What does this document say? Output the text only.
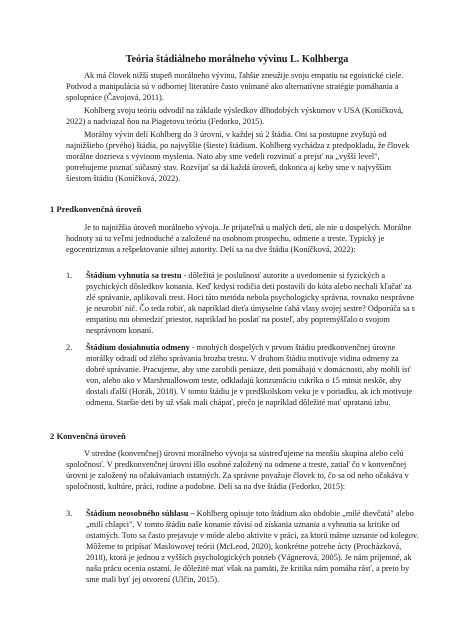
Teória štádiálneho morálneho vývinu L. Kolhberga
Ak má človek nižší stupeň morálneho vývinu, ľahšie zneužije svoju empatiu na egoistické ciele. Podvod a manipulácia sú v odbornej literatúre často vnímané ako alternatívne stratégie pomáhania a spolupráce (Čavojová, 2011).
Kohlberg svoju teóriu odvodil na základe výsledkov dlhodobých výskumov v USA (Koníčková, 2022) a nadviazal ňou na Piagetovu teóriu (Fedorko, 2015).
Morálny vývin delí Kohlberg do 3 úrovní, v každej sú 2 štádia. Oni sa postupne zvyšujú od najnižšieho (prvého) štádia, po najvyššie (šieste) štádium. Kohlberg vychádza z predpokladu, že človek morálne dozrieva s vývinom myslenia. Nato aby sme vedeli rozvinúť a prejsť na „vyšší level", potrebujeme poznať súčasný stav. Rozvíjať sa dá každá úroveň, dokonca aj keby sme v najvyšším šiestom štádiu (Koníčková, 2022).
1 Predkonvenčná úroveň
Je to najnižšia úroveň morálneho vývoja. Je prijateľná u malých detí, ale nie u dospelých. Morálne hodnoty sú tu veľmi jednoduché a založené na osobnom prospechu, odmene a treste. Typický je egocentrizmus a rešpektovanie silnej autority. Delí sa na dve štádia (Koníčková, 2022):
1. Štádium vyhnutia sa trestu - dôležitá je poslušnosť autorite a uvedomenie si fyzických a psychických dôsledkov konania. Keď kedysi rodičia deti postavili do kúta alebo nechali kľačať za zlé správanie, aplikovali trest. Hoci táto metóda nebola psychologicky správna, rovnako nesprávne je neurobiť nič. Čo teda robiť, ak napríklad dieťa úmyselne ťahá vlasy svojej sestre? Odporúča sa s empatiou mu obmedziť priestor, napríklad ho poslať na posteľ, aby popremýšľalo o svojom nesprávnom konaní.
2. Štádium dosiahnutia odmeny - mnohých dospelých v prvom štádiu predkonvenčnej úrovne morálky odradí od zlého správania hrozba trestu. V druhom štádiu motivuje vidina odmeny za dobré správanie. Pracujeme, aby sme zarobili peniaze, deti pomáhajú v domácnosti, aby mohli ísť von, alebo ako v Marshmallowom teste, odkladajú konzumáciu cukríka o 15 minút neskôr, aby dostali ďalší (Horák, 2018). V tomto štádiu je v predškolskom veku je v poriadku, ak ich motivuje odmena. Staršie deti by už však mali chápať, prečo je napríklad dôležité mať upratanú izbu.
2 Konvenčná úroveň
V stredne (konvenčnej) úrovni morálneho vývoja sa sústreďujeme na menšiu skupina alebo celú spoločnosť. V predkonvenčnej úrovni išlo osobné založený na odmene a treste, zatiaľ čo v konvenčnej úrovni je založený na očakávaniach ostatných. Za správne považuje človek to, čo sa od neho očakáva v spoločnosti, kultúre, práci, rodine a podobne. Delí sa na dve štádia (Fedorko, 2015):
3. Štádium neosobného súhlasu – Kohlberg opisuje toto štádium ako obdobie „milé dievčatá" alebo „milí chlapci". V tomto štádiu naše konanie závisí od získania uznania a vyhnutia sa kritike od ostatných. Toto sa často prejavuje v móde alebo aktivite v práci, za ktorú máme uznanie od kolegov. Môžeme to pripísať Maslowovej teórii (McLeod, 2020), konkrétne potrebe úcty (Procházková, 2018), ktorá je jednou z vyšších psychologických potrieb (Vágnerová, 2005). Je nám príjemné, ak našu prácu ocenia ostatní. Je dôležité mať však na pamäti, že kritika nám pomáha rásť, a preto by sme mali byť jej otvorení (Ulčin, 2015).
